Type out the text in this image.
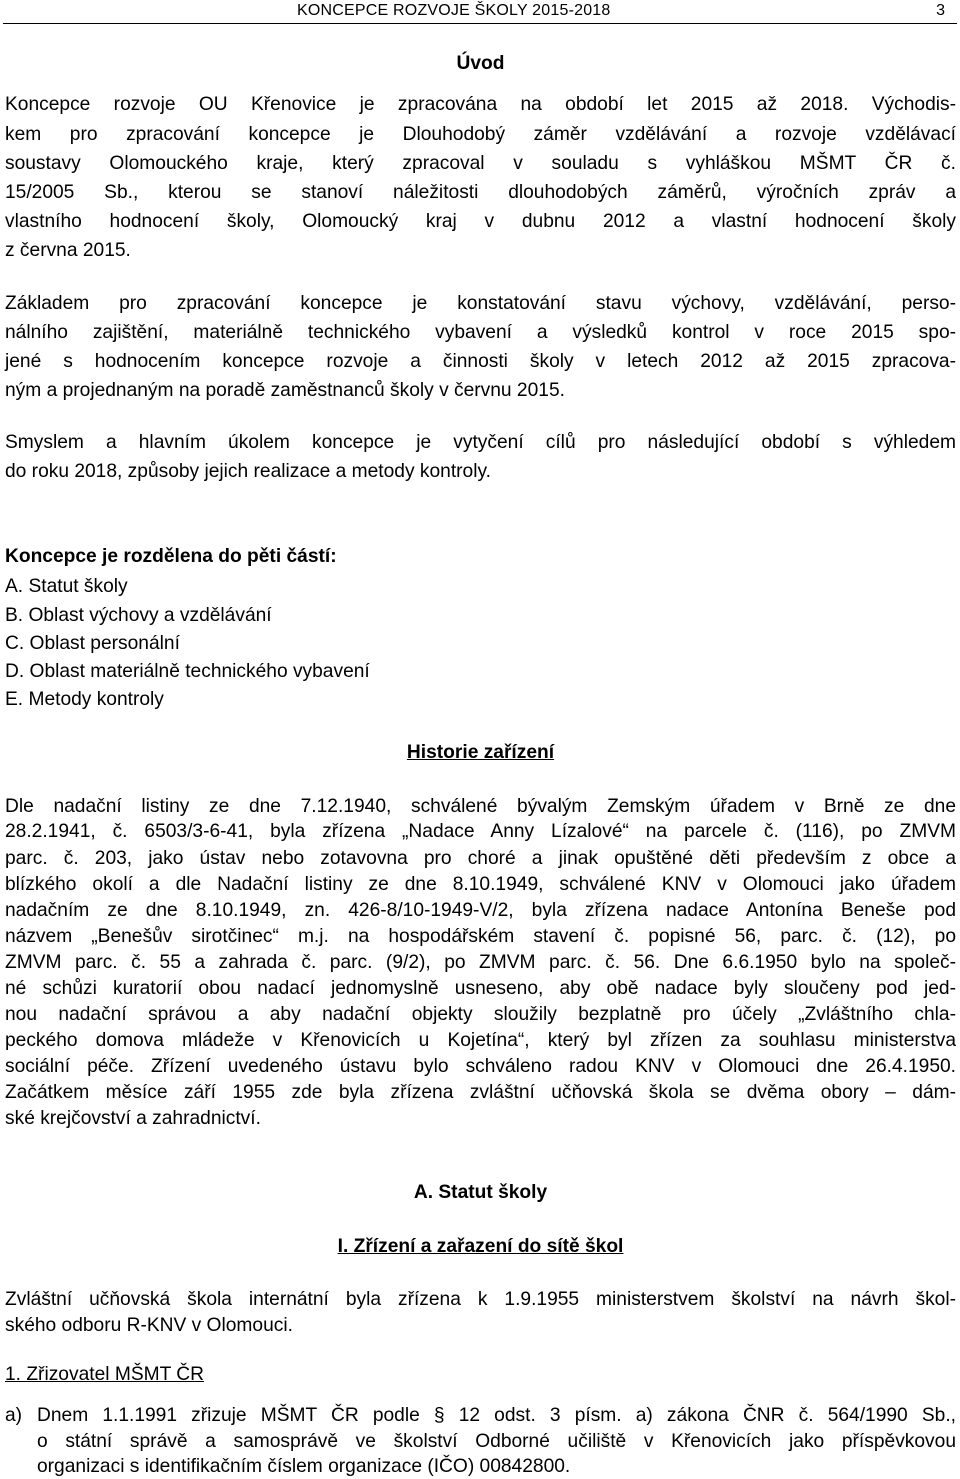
KONCEPCE ROZVOJE ŠKOLY 2015-2018	3
Úvod
Koncepce rozvoje OU Křenovice je zpracována na období let 2015 až 2018. Východis-
kem pro zpracování koncepce je Dlouhodobý záměr vzdělávání a rozvoje vzdělávací
soustavy Olomouckého kraje, který zpracoval v souladu s vyhláškou MŠMT ČR č.
15/2005 Sb., kterou se stanoví náležitosti dlouhodobých záměrů, výročních zpráv a
vlastního hodnocení školy, Olomoucký kraj v dubnu 2012 a vlastní hodnocení školy
z června 2015.
Základem pro zpracování koncepce je konstatování stavu výchovy, vzdělávání, perso-
nálního zajištění, materiálně technického vybavení a výsledků kontrol v roce 2015 spo-
jené s hodnocením koncepce rozvoje a činnosti školy v letech 2012 až 2015 zpracova-
ným a projednaným na poradě zaměstnanců školy v červnu 2015.
Smyslem a hlavním úkolem koncepce je vytyčení cílů pro následující období s výhledem
do roku 2018, způsoby jejich realizace a metody kontroly.
Koncepce je rozdělena do pěti částí:
A. Statut školy
B. Oblast výchovy a vzdělávání
C. Oblast personální
D. Oblast materiálně technického vybavení
E. Metody kontroly
Historie zařízení
Dle nadační listiny ze dne 7.12.1940, schválené bývalým Zemským úřadem v Brně ze dne
28.2.1941, č. 6503/3-6-41, byla zřízena „Nadace Anny Lízalové“ na parcele č. (116), po ZMVM
parc. č. 203, jako ústav nebo zotavovna pro choré a jinak opuštěné děti především z obce a
blízkého okolí a dle Nadační listiny ze dne 8.10.1949, schválené KNV v Olomouci jako úřadem
nadačním ze dne 8.10.1949, zn. 426-8/10-1949-V/2, byla zřízena nadace Antonína Beneše pod
názvem „Benešův sirotčinec“ m.j. na hospodářském stavení č. popisné 56, parc. č. (12), po
ZMVM parc. č. 55 a zahrada č. parc. (9/2), po ZMVM parc. č. 56. Dne 6.6.1950 bylo na společ-
né schůzi kuratorií obou nadací jednomyslně usneseno, aby obě nadace byly sloučeny pod jed-
nou nadační správou a aby nadační objekty sloužily bezplatně pro účely „Zvláštního chla-
peckého domova mládeže v Křenovicích u Kojetína“, který byl zřízen za souhlasu ministerstva
sociální péče. Zřízení uvedeného ústavu bylo schváleno radou KNV v Olomouci dne 26.4.1950.
Začátkem měsíce září 1955 zde byla zřízena zvláštní učňovská škola se dvěma obory – dám-
ské krejčovství a zahradnictví.
A. Statut školy
I. Zřízení a zařazení do sítě škol
Zvláštní učňovská škola internátní byla zřízena k 1.9.1955 ministerstvem školství na návrh škol-
ského odboru R-KNV v Olomouci.
1. Zřizovatel MŠMT ČR
a) Dnem 1.1.1991 zřizuje MŠMT ČR podle § 12 odst. 3 písm. a) zákona ČNR č. 564/1990 Sb.,
o státní správě a samosprávě ve školství Odborné učiliště v Křenovicích jako příspěvkovou
organizaci s identifikačním číslem organizace (IČO) 00842800.
